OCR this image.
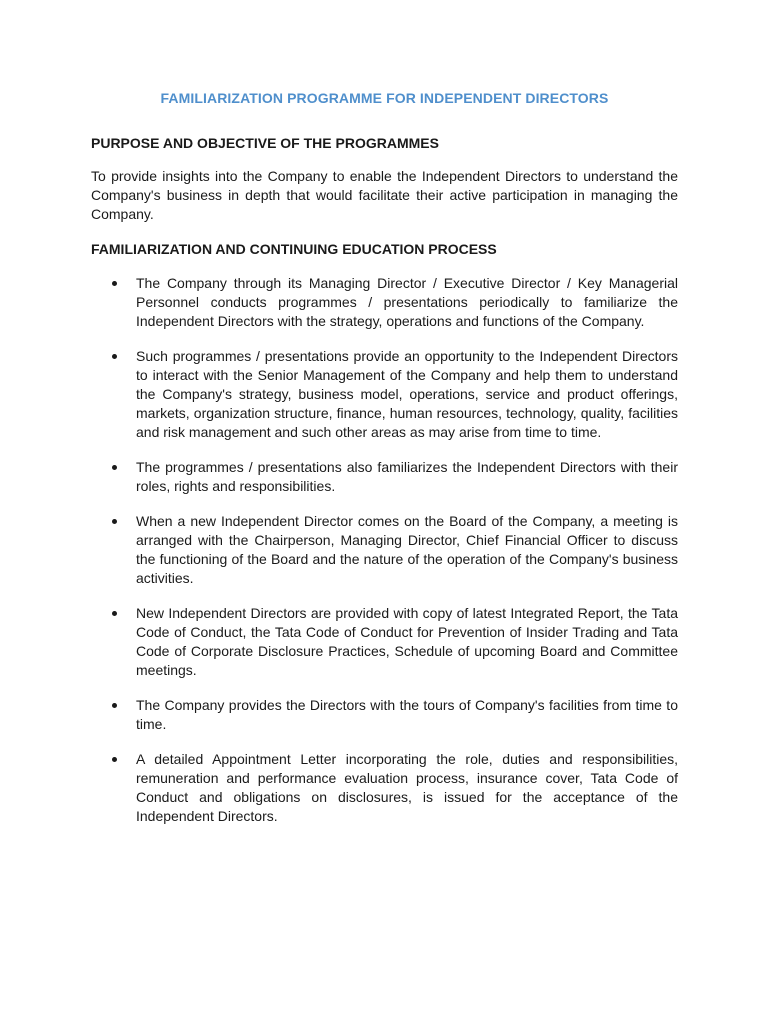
FAMILIARIZATION PROGRAMME FOR INDEPENDENT DIRECTORS
PURPOSE AND OBJECTIVE OF THE PROGRAMMES

To provide insights into the Company to enable the Independent Directors to understand the Company's business in depth that would facilitate their active participation in managing the Company.

FAMILIARIZATION AND CONTINUING EDUCATION PROCESS
The Company through its Managing Director / Executive Director / Key Managerial Personnel conducts programmes / presentations periodically to familiarize the Independent Directors with the strategy, operations and functions of the Company.
Such programmes / presentations provide an opportunity to the Independent Directors to interact with the Senior Management of the Company and help them to understand the Company's strategy, business model, operations, service and product offerings, markets, organization structure, finance, human resources, technology, quality, facilities and risk management and such other areas as may arise from time to time.
The programmes / presentations also familiarizes the Independent Directors with their roles, rights and responsibilities.
When a new Independent Director comes on the Board of the Company, a meeting is arranged with the Chairperson, Managing Director, Chief Financial Officer to discuss the functioning of the Board and the nature of the operation of the Company's business activities.
New Independent Directors are provided with copy of latest Integrated Report, the Tata Code of Conduct, the Tata Code of Conduct for Prevention of Insider Trading and Tata Code of Corporate Disclosure Practices, Schedule of upcoming Board and Committee meetings.
The Company provides the Directors with the tours of Company's facilities from time to time.
A detailed Appointment Letter incorporating the role, duties and responsibilities, remuneration and performance evaluation process, insurance cover, Tata Code of Conduct and obligations on disclosures, is issued for the acceptance of the Independent Directors.
